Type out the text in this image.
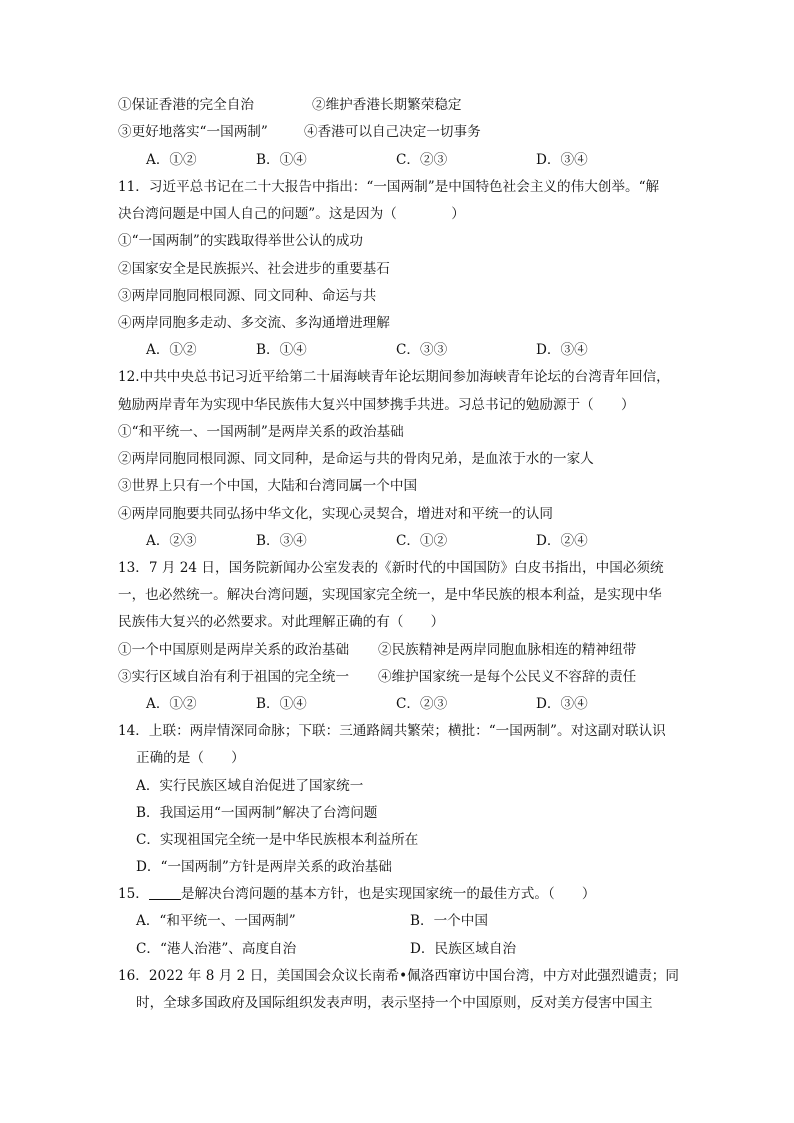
①保证香港的完全自治	②维护香港长期繁荣稳定
③更好地落实“一国两制”	④香港可以自己决定一切事务
A．①②	B．①④	C．②③	D．③④
11．习近平总书记在二十大报告中指出：“一国两制”是中国特色社会主义的伟大创举。“解
决台湾问题是中国人自己的问题”。这是因为（　　　　）
①“一国两制”的实践取得举世公认的成功
②国家安全是民族振兴、社会进步的重要基石
③两岸同胞同根同源、同文同种、命运与共
④两岸同胞多走动、多交流、多沟通增进理解
A．①②	B．①④	C．③③	D．③④
12.中共中央总书记习近平给第二十届海峡青年论坛期间参加海峡青年论坛的台湾青年回信，
勉励两岸青年为实现中华民族伟大复兴中国梦携手共进。习总书记的勉励源于（　　）
①“和平统一、一国两制”是两岸关系的政治基础
②两岸同胞同根同源、同文同种，是命运与共的骨肉兄弟，是血浓于水的一家人
③世界上只有一个中国，大陆和台湾同属一个中国
④两岸同胞要共同弘扬中华文化，实现心灵契合，增进对和平统一的认同
A．②③	B．③④	C．①②	D．②④
13．7 月 24 日，国务院新闻办公室发表的《新时代的中国国防》白皮书指出，中国必须统
一，也必然统一。解决台湾问题，实现国家完全统一，是中华民族的根本利益，是实现中华
民族伟大复兴的必然要求。对此理解正确的有（　　）
①一个中国原则是两岸关系的政治基础 ②民族精神是两岸同胞血脉相连的精神纽带
③实行区域自治有利于祖国的完全统一 ④维护国家统一是每个公民义不容辞的责任
A．①②	B．①④	C．②③	D．③④
14．上联：两岸情深同命脉；下联：三通路阔共繁荣；横批：“一国两制”。对这副对联认识
正确的是（　　）
A．实行民族区域自治促进了国家统一
B．我国运用“一国两制”解决了台湾问题
C．实现祖国完全统一是中华民族根本利益所在
D．“一国两制”方针是两岸关系的政治基础
15． 是解决台湾问题的基本方针，也是实现国家统一的最佳方式。（　　）
A．“和平统一、一国两制”	B．一个中国
C．“港人治港”、高度自治	D．民族区域自治
16．2022 年 8 月 2 日，美国国会众议长南希•佩洛西窜访中国台湾，中方对此强烈谴责；同
时，全球多国政府及国际组织发表声明，表示坚持一个中国原则，反对美方侵害中国主
